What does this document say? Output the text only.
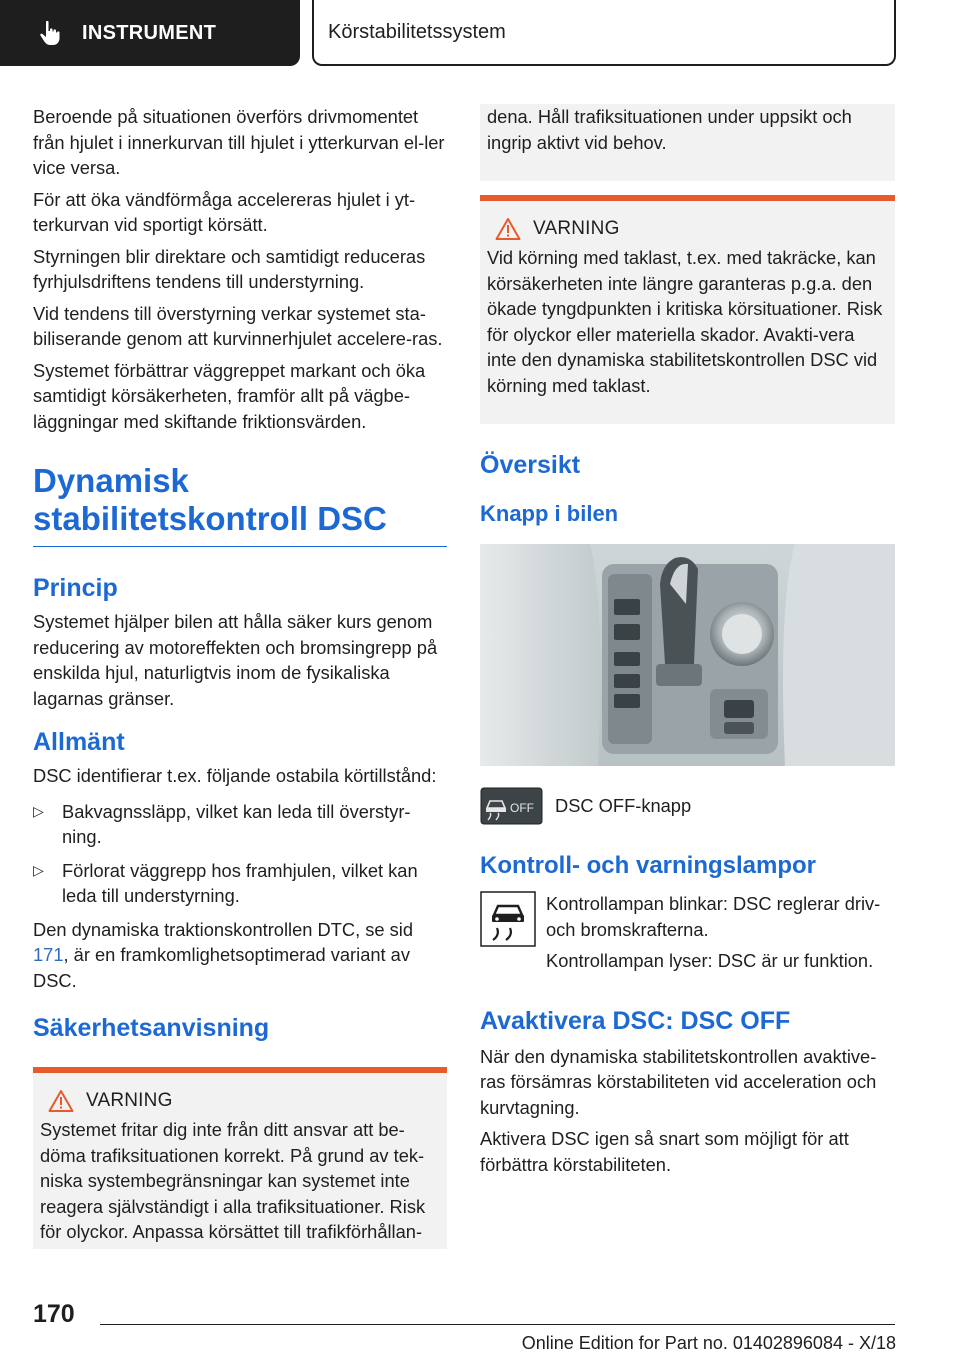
INSTRUMENT	Körstabilitetssystem

Beroende på situationen överförs drivmomentet från hjulet i innerkurvan till hjulet i ytterkurvan el-ler vice versa.

För att öka vändförmåga accelereras hjulet i yt-terkurvan vid sportigt körsätt.

Styrningen blir direktare och samtidigt reduceras fyrhjulsdriftens tendens till understyrning.

Vid tendens till överstyrning verkar systemet sta-biliserande genom att kurvinnerhjulet accelere-ras.

Systemet förbättrar väggreppet markant och öka samtidigt körsäkerheten, framför allt på vägbe-läggningar med skiftande friktionsvärden.

Dynamisk stabilitetskontroll DSC
Princip

Systemet hjälper bilen att hålla säker kurs genom reducering av motoreffekten och bromsingrepp på enskilda hjul, naturligtvis inom de fysikaliska lagarnas gränser.

Allmänt

DSC identifierar t.ex. följande ostabila körtillstånd:

▷ Bakvagnssläpp, vilket kan leda till överstyr-ning.
▷ Förlorat väggrepp hos framhjulen, vilket kan leda till understyrning.

Den dynamiska traktionskontrollen DTC, se sid 171, är en framkomlighetsoptimerad variant av DSC.

Säkerhetsanvisning
VARNING

Systemet fritar dig inte från ditt ansvar att be-döma trafiksituationen korrekt. På grund av tek-niska systembegränsningar kan systemet inte reagera självständigt i alla trafiksituationer. Risk för olyckor. Anpassa körsättet till trafikförhållan-

dena. Håll trafiksituationen under uppsikt och ingrip aktivt vid behov.

VARNING

Vid körning med taklast, t.ex. med takräcke, kan körsäkerheten inte längre garanteras p.g.a. den ökade tyngdpunkten i kritiska körsituationer. Risk för olyckor eller materiella skador. Avakti-vera inte den dynamiska stabilitetskontrollen DSC vid körning med taklast.

Översikt
Knapp i bilen
OFF DSC OFF-knapp
Kontroll- och varningslampor

Kontrollampan blinkar: DSC reglerar driv- och bromskrafterna.

Kontrollampan lyser: DSC är ur funktion.

Avaktivera DSC: DSC OFF

När den dynamiska stabilitetskontrollen avaktive-ras försämras körstabiliteten vid acceleration och kurvtagning.

Aktivera DSC igen så snart som möjligt för att förbättra körstabiliteten.

170
Online Edition for Part no. 01402896084 - X/18
